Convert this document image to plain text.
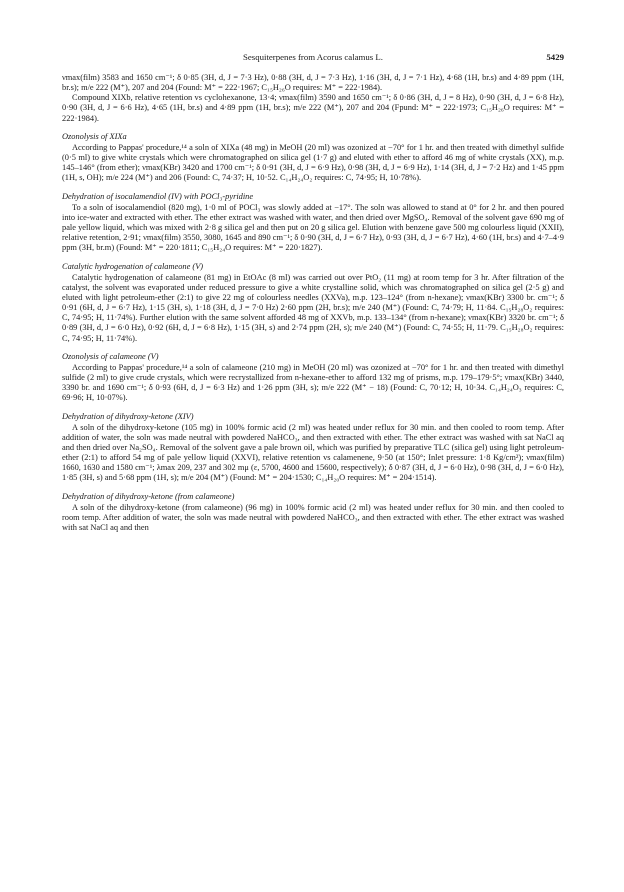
Sesquiterpenes from Acorus calamus L.	5429

νmax(film) 3583 and 1650 cm⁻¹; δ 0·85 (3H, d, J = 7·3 Hz), 0·88 (3H, d, J = 7·3 Hz), 1·16 (3H, d, J = 7·1 Hz), 4·68 (1H, br.s) and 4·89 ppm (1H, br.s); m/e 222 (M⁺), 207 and 204 (Found: M⁺ = 222·1967; C₁₅H₂₆O requires: M⁺ = 222·1984).

Compound XIXb, relative retention vs cyclohexanone, 13·4; νmax(film) 3590 and 1650 cm⁻¹; δ 0·86 (3H, d, J = 8 Hz), 0·90 (3H, d, J = 6·8 Hz), 0·90 (3H, d, J = 6·6 Hz), 4·65 (1H, br.s) and 4·89 ppm (1H, br.s); m/e 222 (M⁺), 207 and 204 (Fpund: M⁺ = 222·1973; C₁₅H₂₆O requires: M⁺ = 222·1984).

Ozonolysis of XIXa

According to Pappas' procedure,¹⁴ a soln of XIXa (48 mg) in MeOH (20 ml) was ozonized at −70° for 1 hr. and then treated with dimethyl sulfide (0·5 ml) to give white crystals which were chromatographed on silica gel (1·7 g) and eluted with ether to afford 46 mg of white crystals (XX), m.p. 145–146° (from ether); νmax(KBr) 3420 and 1700 cm⁻¹; δ 0·91 (3H, d, J = 6·9 Hz), 0·98 (3H, d, J = 6·9 Hz), 1·14 (3H, d, J = 7·2 Hz) and 1·45 ppm (1H, s, OH); m/e 224 (M⁺) and 206 (Found: C, 74·37; H, 10·52. C₁₄H₂₄O₂ requires: C, 74·95; H, 10·78%).

Dehydration of isocalamendiol (IV) with POCl₃-pyridine

To a soln of isocalamendiol (820 mg), 1·0 ml of POCl₃ was slowly added at −17°. The soln was allowed to stand at 0° for 2 hr. and then poured into ice-water and extracted with ether. The ether extract was washed with water, and then dried over MgSO₄. Removal of the solvent gave 690 mg of pale yellow liquid, which was mixed with 2·8 g silica gel and then put on 20 g silica gel. Elution with benzene gave 500 mg colourless liquid (XXII), relative retention, 2·91; νmax(film) 3550, 3080, 1645 and 890 cm⁻¹; δ 0·90 (3H, d, J = 6·7 Hz), 0·93 (3H, d, J = 6·7 Hz), 4·60 (1H, br.s) and 4·7–4·9 ppm (3H, br.m) (Found: M⁺ = 220·1811; C₁₅H₂₄O requires: M⁺ = 220·1827).

Catalytic hydrogenation of calameone (V)

Catalytic hydrogenation of calameone (81 mg) in EtOAc (8 ml) was carried out over PtO₂ (11 mg) at room temp for 3 hr. After filtration of the catalyst, the solvent was evaporated under reduced pressure to give a white crystalline solid, which was chromatographed on silica gel (2·5 g) and eluted with light petroleum-ether (2:1) to give 22 mg of colourless needles (XXVa), m.p. 123–124° (from n-hexane); νmax(KBr) 3300 br. cm⁻¹; δ 0·91 (6H, d, J = 6·7 Hz), 1·15 (3H, s), 1·18 (3H, d, J = 7·0 Hz) 2·60 ppm (2H, br.s); m/e 240 (M⁺) (Found: C, 74·79; H, 11·84. C₁₅H₂₈O₂ requires: C, 74·95; H, 11·74%). Further elution with the same solvent afforded 48 mg of XXVb, m.p. 133–134° (from n-hexane); νmax(KBr) 3320 br. cm⁻¹; δ 0·89 (3H, d, J = 6·0 Hz), 0·92 (6H, d, J = 6·8 Hz), 1·15 (3H, s) and 2·74 ppm (2H, s); m/e 240 (M⁺) (Found: C, 74·55; H, 11·79. C₁₅H₂₈O₂ requires: C, 74·95; H, 11·74%).

Ozonolysis of calameone (V)

According to Pappas' procedure,¹⁴ a soln of calameone (210 mg) in MeOH (20 ml) was ozonized at −70° for 1 hr. and then treated with dimethyl sulfide (2 ml) to give crude crystals, which were recrystallized from n-hexane-ether to afford 132 mg of prisms, m.p. 179–179·5°; νmax(KBr) 3440, 3390 br. and 1690 cm⁻¹; δ 0·93 (6H, d, J = 6·3 Hz) and 1·26 ppm (3H, s); m/e 222 (M⁺ − 18) (Found: C, 70·12; H, 10·34. C₁₄H₂₄O₃ requires: C, 69·96; H, 10·07%).

Dehydration of dihydroxy-ketone (XIV)

A soln of the dihydroxy-ketone (105 mg) in 100% formic acid (2 ml) was heated under reflux for 30 min. and then cooled to room temp. After addition of water, the soln was made neutral with powdered NaHCO₃, and then extracted with ether. The ether extract was washed with sat NaCl aq and then dried over Na₂SO₄. Removal of the solvent gave a pale brown oil, which was purified by preparative TLC (silica gel) using light petroleum-ether (2:1) to afford 54 mg of pale yellow liquid (XXVI), relative retention vs calamenene, 9·50 (at 150°; Inlet pressure: 1·8 Kg/cm²); νmax(film) 1660, 1630 and 1580 cm⁻¹; λmax 209, 237 and 302 mμ (ε, 5700, 4600 and 15600, respectively); δ 0·87 (3H, d, J = 6·0 Hz), 0·98 (3H, d, J = 6·0 Hz), 1·85 (3H, s) and 5·68 ppm (1H, s); m/e 204 (M⁺) (Found: M⁺ = 204·1530; C₁₄H₂₀O requires: M⁺ = 204·1514).

Dehydration of dihydroxy-ketone (from calameone)

A soln of the dihydroxy-ketone (from calameone) (96 mg) in 100% formic acid (2 ml) was heated under reflux for 30 min. and then cooled to room temp. After addition of water, the soln was made neutral with powdered NaHCO₃, and then extracted with ether. The ether extract was washed with sat NaCl aq and then
